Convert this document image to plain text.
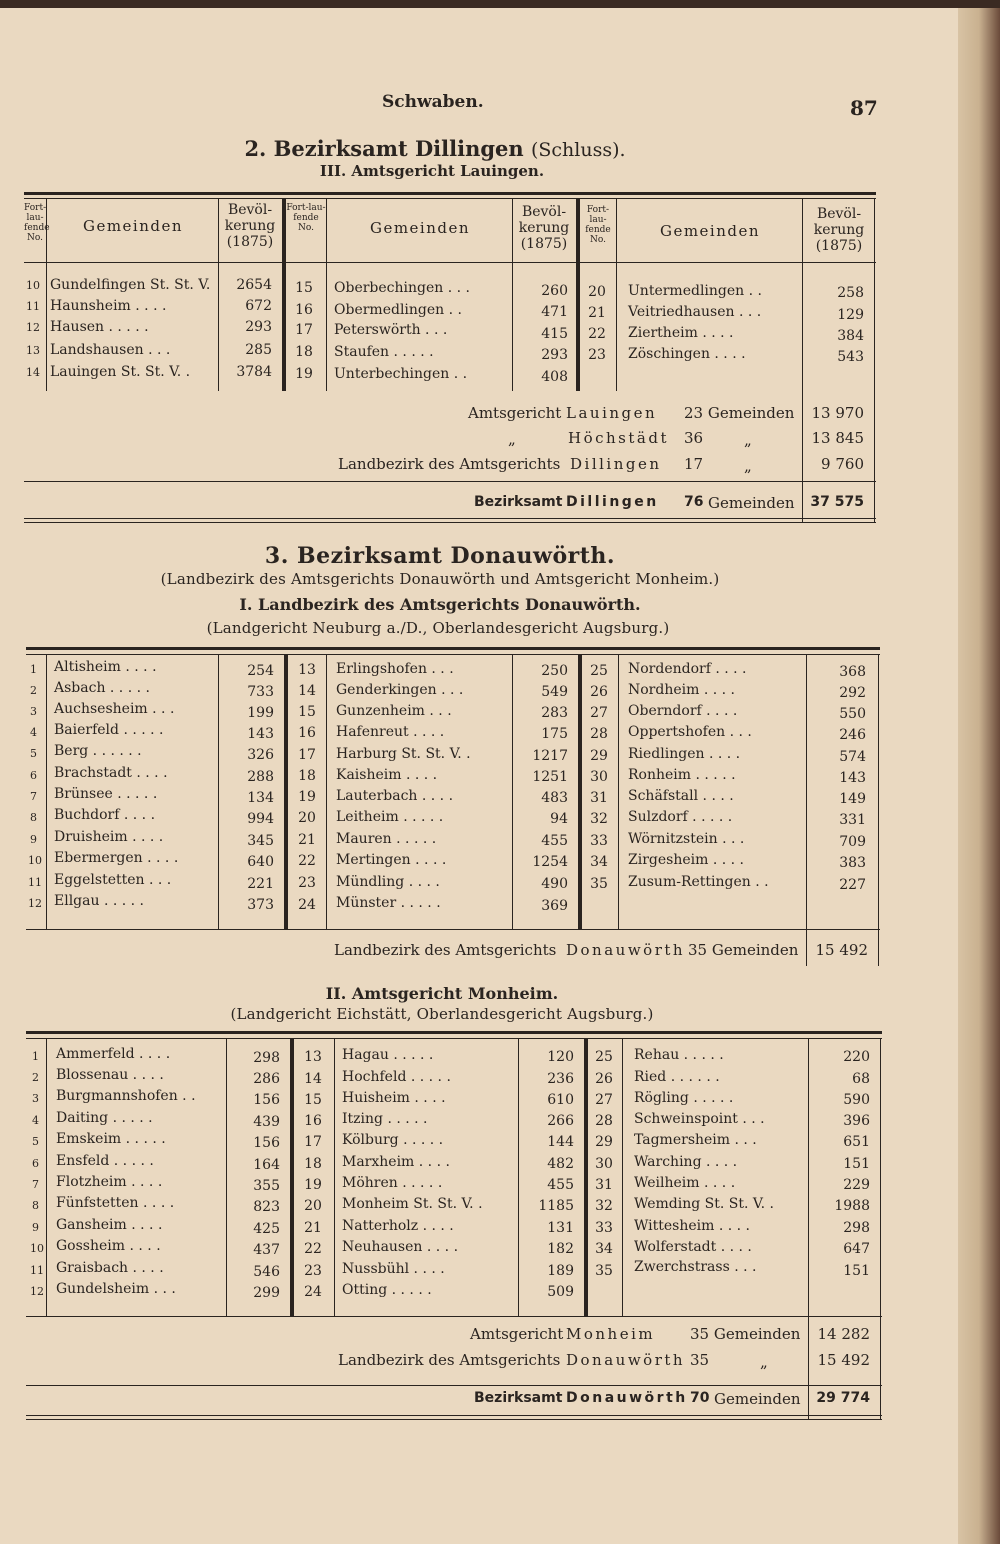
Schwaben.	87
2. Bezirksamt Dillingen (Schluss).
III. Amtsgericht Lauingen.
Fort-lau-fende No.
Gemeinden
Bevöl-kerung (1875)
Fort-lau-fende No.	Gemeinden
Bevöl-kerung (1875)
Fort-lau-fende No.	Gemeinden
Bevöl-kerung (1875)
10 Gundelfingen St. St. V.	2654
11 Haunsheim . . . .	672
12 Hausen . . . . .	293
13 Landshausen . . .	285
14 Lauingen St. St. V. .	3784
15	Oberbechingen . . .	260
16	Obermedlingen . .	471
17	Peterswörth . . .	415
18	Staufen . . . . .	293
19	Unterbechingen . .	408
20	Untermedlingen . .	258
21	Veitriedhausen . . .	129
22	Ziertheim . . . .	384
23	Zöschingen . . . .	543
Amtsgericht Lauingen 23 Gemeinden	13 970
„	Höchstädt 36	„	13 845
Landbezirk des Amtsgerichts Dillingen 17	„	9 760
Bezirksamt Dillingen 76 Gemeinden	37 575
3. Bezirksamt Donauwörth.
(Landbezirk des Amtsgerichts Donauwörth und Amtsgericht Monheim.)
I. Landbezirk des Amtsgerichts Donauwörth.
(Landgericht Neuburg a./D., Oberlandesgericht Augsburg.)
1 Altisheim . . . .	254
2 Asbach . . . . .	733
3 Auchsesheim . . .	199
4 Baierfeld . . . . .	143
5 Berg . . . . . .	326
6 Brachstadt . . . .	288
7 Brünsee . . . . .	134
8 Buchdorf . . . .	994
9 Druisheim . . . .	345
10 Ebermergen . . . .	640
11 Eggelstetten . . .	221
12 Ellgau . . . . .	373
13	Erlingshofen . . .	250
14	Genderkingen . . .	549
15	Gunzenheim . . .	283
16	Hafenreut . . . .	175
17	Harburg St. St. V. .	1217
18	Kaisheim . . . .	1251
19	Lauterbach . . . .	483
20	Leitheim . . . . .	94
21	Mauren . . . . .	455
22	Mertingen . . . .	1254
23	Mündling . . . .	490
24	Münster . . . . .	369
25	Nordendorf . . . .	368
26	Nordheim . . . .	292
27	Oberndorf . . . .	550
28	Oppertshofen . . .	246
29	Riedlingen . . . .	574
30	Ronheim . . . . .	143
31	Schäfstall . . . .	149
32	Sulzdorf . . . . .	331
33	Wörnitzstein . . .	709
34	Zirgesheim . . . .	383
35	Zusum-Rettingen . .	227
Landbezirk des Amtsgerichts Donauwörth 35 Gemeinden	15 492
II. Amtsgericht Monheim.
(Landgericht Eichstätt, Oberlandesgericht Augsburg.)
1 Ammerfeld . . . .	298
2 Blossenau . . . .	286
3 Burgmannshofen . .	156
4 Daiting . . . . .	439
5 Emskeim . . . . .	156
6 Ensfeld . . . . .	164
7 Flotzheim . . . .	355
8 Fünfstetten . . . .	823
9 Gansheim . . . .	425
10 Gossheim . . . .	437
11 Graisbach . . . .	546
12 Gundelsheim . . .	299
13	Hagau . . . . .	120
14	Hochfeld . . . . .	236
15	Huisheim . . . .	610
16	Itzing . . . . .	266
17	Kölburg . . . . .	144
18	Marxheim . . . .	482
19	Möhren . . . . .	455
20	Monheim St. St. V. .	1185
21	Natterholz . . . .	131
22	Neuhausen . . . .	182
23	Nussbühl . . . .	189
24	Otting . . . . .	509
25	Rehau . . . . .	220
26	Ried . . . . . .	68
27	Rögling . . . . .	590
28	Schweinspoint . . .	396
29	Tagmersheim . . .	651
30	Warching . . . .	151
31	Weilheim . . . .	229
32	Wemding St. St. V. .	1988
33	Wittesheim . . . .	298
34	Wolferstadt . . . .	647
35	Zwerchstrass . . .	151
Amtsgericht Monheim 35 Gemeinden	14 282
Landbezirk des Amtsgerichts Donauwörth 35	„	15 492
Bezirksamt Donauwörth 70 Gemeinden	29 774
